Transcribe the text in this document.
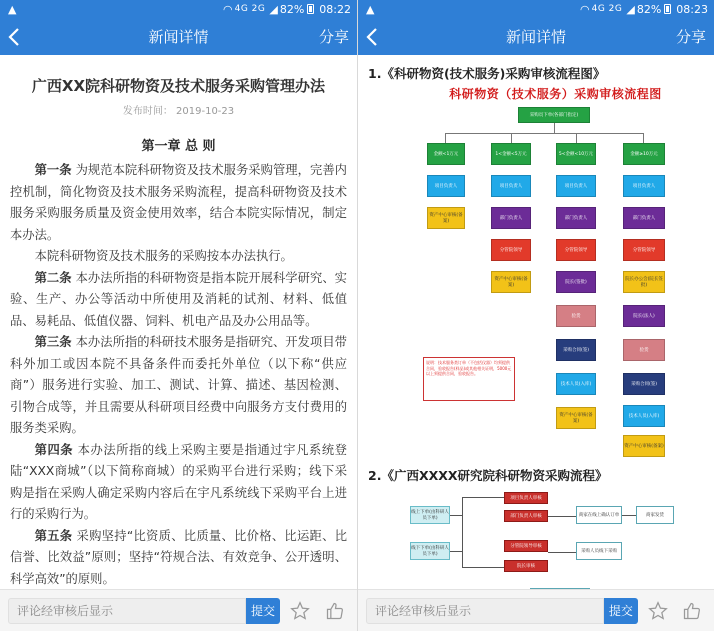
▲	◠ 4G 2G ◢ 82% 08:22
新闻详情	分享
广西XX院科研物资及技术服务采购管理办法
发布时间： 2019-10-23
第一章 总 则

第一条 为规范本院科研物资及技术服务采购管理，完善内控机制，简化物资及技术服务采购流程，提高科研物资及技术服务采购服务质量及资金使用效率，结合本院实际情况，制定本办法。

本院科研物资及技术服务的采购按本办法执行。

第二条 本办法所指的科研物资是指本院开展科学研究、实验、生产、办公等活动中所使用及消耗的试剂、材料、低值品、易耗品、低值仪器、饲料、机电产品及办公用品等。

第三条 本办法所指的科研技术服务是指研究、开发项目带科外加工或因本院不具备条件而委托外单位（以下称“供应商”）服务进行实验、加工、测试、计算、描述、基因检测、引物合成等，并且需要从科研项目经费中向服务方支付费用的服务类采购。

第四条 本办法所指的线上采购主要是指通过宇凡系统登陆“XXX商城”（以下简称商城）的采购平台进行采购；线下采购是指在采购人确定采购内容后在宇凡系统线下采购平台上进行的采购行为。

第五条 采购坚持“比资质、比质量、比价格、比运距、比信誉、比效益”原则；坚持“符规合法、有效竞争、公开透明、科学高效”的原则。

评论经审核后显示	提交
▲	◠ 4G 2G ◢ 82% 08:23
新闻详情	分享
1.《科研物资(技术服务)采购审核流程图》
科研物资（技术服务）采购审核流程图
采购员下单(各部门指定)
金额<1万元
项目负责人
资产中心审核(备案)
1<金额<5万元
项目负责人
部门负责人
分管院领导
资产中心审核(备案)
5<金额<10万元
项目负责人
部门负责人
分管院领导
院长(签批)
验货
采购合同(签)
技术人员(入库)
资产中心审核(备案)
金额≥10万元
项目负责人
部门负责人
分管院领导
院长办公会(院长签批)
院长(法人)
验货
采购合同(签)
技术人员(入库)
资产中心审核(备案)
说明：技术服务类订单（不包括仪器）均须提供合同，验收报告(样品)或其他相关证明，5000元以上须提供合同，验收报告。
2.《广西XXXX研究院科研物资采购流程》
线上下单(由科研人员下单)
线下下单(由科研人员下单)
项目负责人审核
部门负责人审核
分管院领导审核
院长审核
商家在线上确认订单	商家发货
采购人员线下采购
评论经审核后显示	提交
